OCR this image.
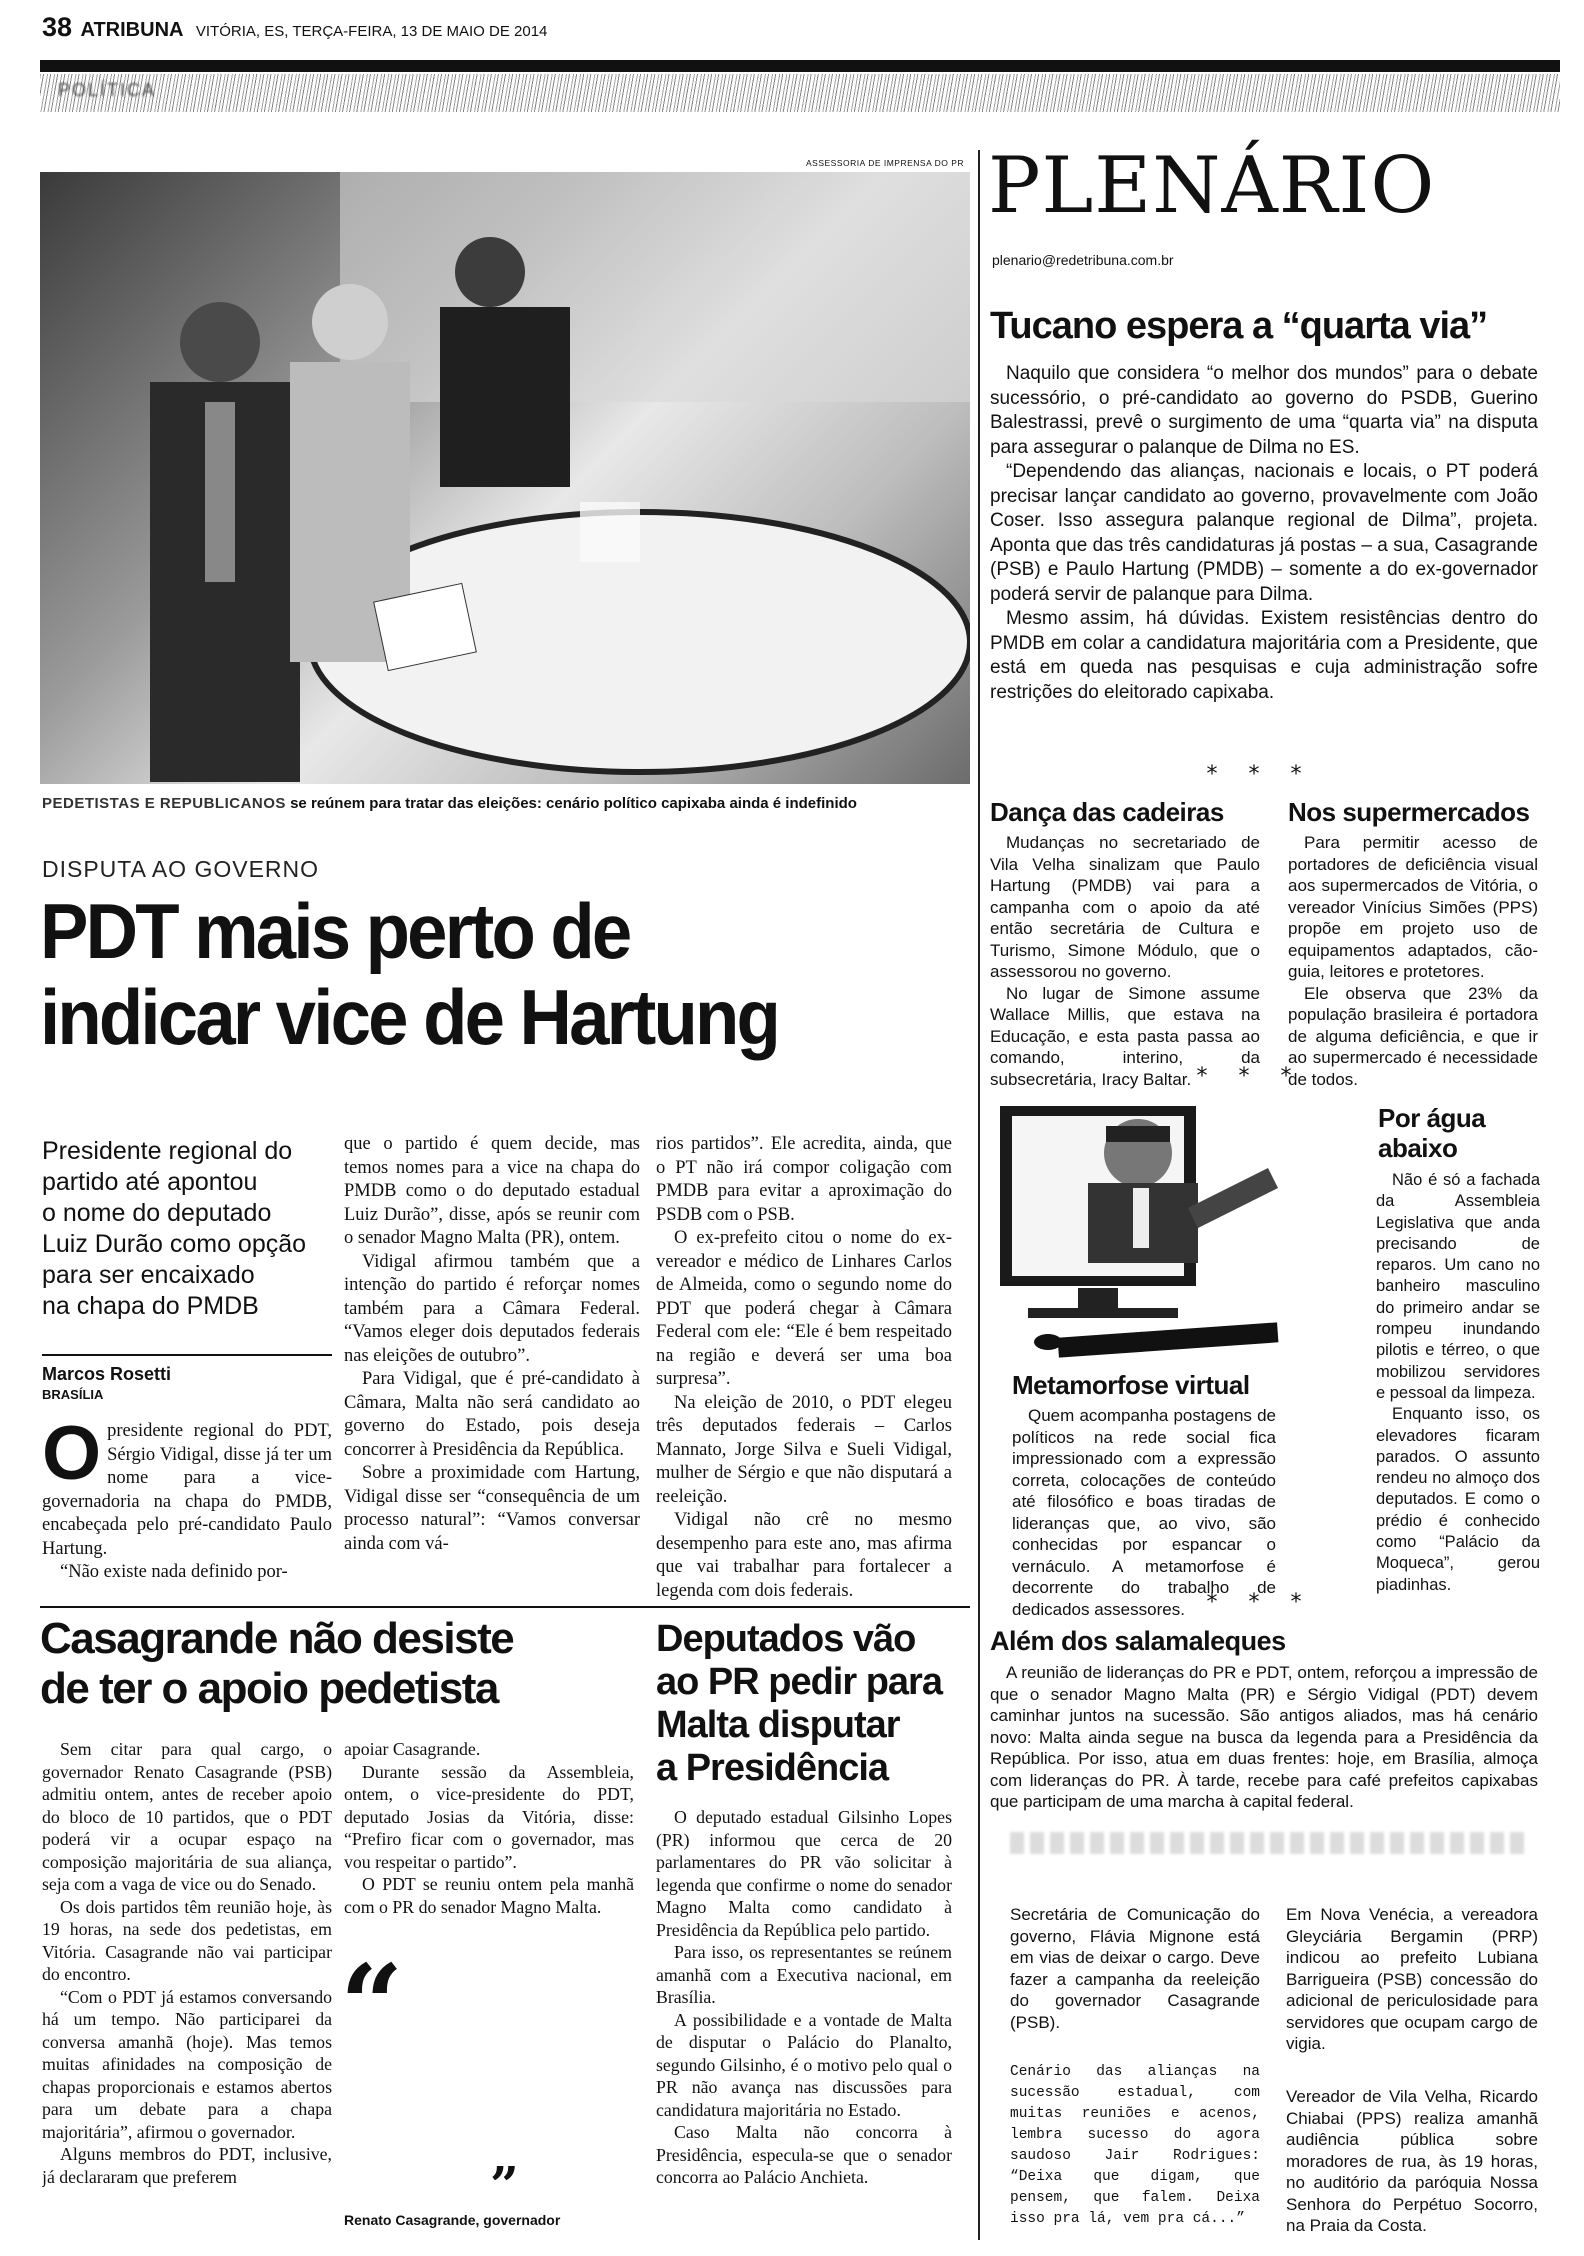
38 ATRIBUNA VITÓRIA, ES, TERÇA-FEIRA, 13 DE MAIO DE 2014
POLÍTICA
ASSESSORIA DE IMPRENSA DO PR
PEDETISTAS E REPUBLICANOS se reúnem para tratar das eleições: cenário político capixaba ainda é indefinido
DISPUTA AO GOVERNO
PDT mais perto de
indicar vice de Hartung
Presidente regional do
partido até apontou
o nome do deputado
Luiz Durão como opção
para ser encaixado
na chapa do PMDB
Marcos Rosetti
BRASÍLIA
O presidente regional do PDT, Sérgio Vidigal, disse já ter um nome para a vice-governadoria na chapa do PMDB, encabeçada pelo pré-candidato Paulo Hartung.

“Não existe nada definido por-

que o partido é quem decide, mas temos nomes para a vice na chapa do PMDB como o do deputado estadual Luiz Durão”, disse, após se reunir com o senador Magno Malta (PR), ontem.

Vidigal afirmou também que a intenção do partido é reforçar nomes também para a Câmara Federal. “Vamos eleger dois deputados federais nas eleições de outubro”.

Para Vidigal, que é pré-candidato à Câmara, Malta não será candidato ao governo do Estado, pois deseja concorrer à Presidência da República.

Sobre a proximidade com Hartung, Vidigal disse ser “consequência de um processo natural”: “Vamos conversar ainda com vá-

rios partidos”. Ele acredita, ainda, que o PT não irá compor coligação com PMDB para evitar a aproximação do PSDB com o PSB.

O ex-prefeito citou o nome do ex-vereador e médico de Linhares Carlos de Almeida, como o segundo nome do PDT que poderá chegar à Câmara Federal com ele: “Ele é bem respeitado na região e deverá ser uma boa surpresa”.

Na eleição de 2010, o PDT elegeu três deputados federais – Carlos Mannato, Jorge Silva e Sueli Vidigal, mulher de Sérgio e que não disputará a reeleição.

Vidigal não crê no mesmo desempenho para este ano, mas afirma que vai trabalhar para fortalecer a legenda com dois federais.

Casagrande não desiste
de ter o apoio pedetista

Sem citar para qual cargo, o governador Renato Casagrande (PSB) admitiu ontem, antes de receber apoio do bloco de 10 partidos, que o PDT poderá vir a ocupar espaço na composição majoritária de sua aliança, seja com a vaga de vice ou do Senado.

Os dois partidos têm reunião hoje, às 19 horas, na sede dos pedetistas, em Vitória. Casagrande não vai participar do encontro.

“Com o PDT já estamos conversando há um tempo. Não participarei da conversa amanhã (hoje). Mas temos muitas afinidades na composição de chapas proporcionais e estamos abertos para um debate para a chapa majoritária”, afirmou o governador.

Alguns membros do PDT, inclusive, já declararam que preferem

apoiar Casagrande.

Durante sessão da Assembleia, ontem, o vice-presidente do PDT, deputado Josias da Vitória, disse: “Prefiro ficar com o governador, mas vou respeitar o partido”.

O PDT se reuniu ontem pela manhã com o PR do senador Magno Malta.

“
”
Renato Casagrande, governador
Deputados vão
ao PR pedir para
Malta disputar
a Presidência

O deputado estadual Gilsinho Lopes (PR) informou que cerca de 20 parlamentares do PR vão solicitar à legenda que confirme o nome do senador Magno Malta como candidato à Presidência da República pelo partido.

Para isso, os representantes se reúnem amanhã com a Executiva nacional, em Brasília.

A possibilidade e a vontade de Malta de disputar o Palácio do Planalto, segundo Gilsinho, é o motivo pelo qual o PR não avança nas discussões para candidatura majoritária no Estado.

Caso Malta não concorra à Presidência, especula-se que o senador concorra ao Palácio Anchieta.

PLENÁRIO
plenario@redetribuna.com.br
Tucano espera a “quarta via”

Naquilo que considera “o melhor dos mundos” para o debate sucessório, o pré-candidato ao governo do PSDB, Guerino Balestrassi, prevê o surgimento de uma “quarta via” na disputa para assegurar o palanque de Dilma no ES.

“Dependendo das alianças, nacionais e locais, o PT poderá precisar lançar candidato ao governo, provavelmente com João Coser. Isso assegura palanque regional de Dilma”, projeta. Aponta que das três candidaturas já postas – a sua, Casagrande (PSB) e Paulo Hartung (PMDB) – somente a do ex-governador poderá servir de palanque para Dilma.

Mesmo assim, há dúvidas. Existem resistências dentro do PMDB em colar a candidatura majoritária com a Presidente, que está em queda nas pesquisas e cuja administração sofre restrições do eleitorado capixaba.

* * *
Dança das cadeiras

Mudanças no secretariado de Vila Velha sinalizam que Paulo Hartung (PMDB) vai para a campanha com o apoio da até então secretária de Cultura e Turismo, Simone Módulo, que o assessorou no governo.

No lugar de Simone assume Wallace Millis, que estava na Educação, e esta pasta passa ao comando, interino, da subsecretária, Iracy Baltar.

Nos supermercados

Para permitir acesso de portadores de deficiência visual aos supermercados de Vitória, o vereador Vinícius Simões (PPS) propõe em projeto uso de equipamentos adaptados, cão-guia, leitores e protetores.

Ele observa que 23% da população brasileira é portadora de alguma deficiência, e que ir ao supermercado é necessidade de todos.

* * *
Por água
abaixo

Não é só a fachada da Assembleia Legislativa que anda precisando de reparos. Um cano no banheiro masculino do primeiro andar se rompeu inundando pilotis e térreo, o que mobilizou servidores e pessoal da limpeza.

Enquanto isso, os elevadores ficaram parados. O assunto rendeu no almoço dos deputados. E como o prédio é conhecido como “Palácio da Moqueca”, gerou piadinhas.

Metamorfose virtual

Quem acompanha postagens de políticos na rede social fica impressionado com a expressão correta, colocações de conteúdo até filosófico e boas tiradas de lideranças que, ao vivo, são conhecidas por espancar o vernáculo. A metamorfose é decorrente do trabalho de dedicados assessores. * * *
Além dos salamaleques

A reunião de lideranças do PR e PDT, ontem, reforçou a impressão de que o senador Magno Malta (PR) e Sérgio Vidigal (PDT) devem caminhar juntos na sucessão. São antigos aliados, mas há cenário novo: Malta ainda segue na busca da legenda para a Presidência da República. Por isso, atua em duas frentes: hoje, em Brasília, almoça com lideranças do PR. À tarde, recebe para café prefeitos capixabas que participam de uma marcha à capital federal.

Secretária de Comunicação do governo, Flávia Mignone está em vias de deixar o cargo. Deve fazer a campanha da reeleição do governador Casagrande (PSB).

Em Nova Venécia, a vereadora Gleyciária Bergamin (PRP) indicou ao prefeito Lubiana Barrigueira (PSB) concessão do adicional de periculosidade para servidores que ocupam cargo de vigia.

Cenário das alianças na sucessão estadual, com muitas reuniões e acenos, lembra sucesso do agora saudoso Jair Rodrigues: “Deixa que digam, que pensem, que falem. Deixa isso pra lá, vem pra cá...”

Vereador de Vila Velha, Ricardo Chiabai (PPS) realiza amanhã audiência pública sobre moradores de rua, às 19 horas, no auditório da paróquia Nossa Senhora do Perpétuo Socorro, na Praia da Costa.
